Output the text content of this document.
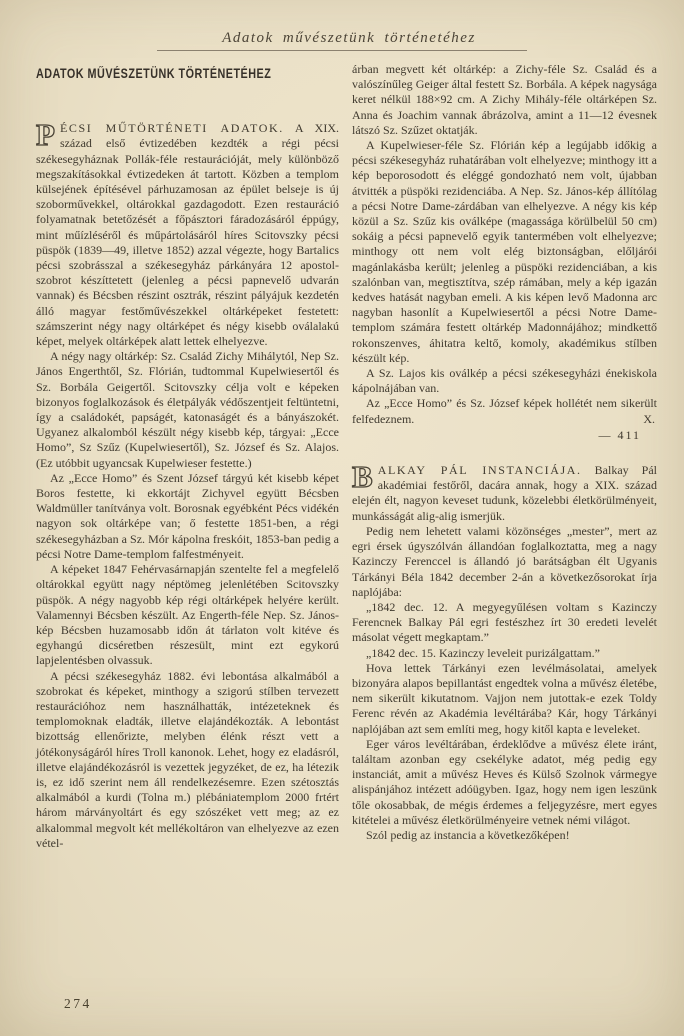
Adatok művészetünk történetéhez
ADATOK MŰVÉSZETÜNK TÖRTÉNETÉHEZ

PÉCSI MŰTÖRTÉNETI ADATOK. A XIX. század első évtizedében kezdték a régi pécsi székesegyháznak Pollák-féle restaurációját, mely különböző megszakításokkal évtizedeken át tartott. Közben a templom külsejének építésével párhuzamosan az épület belseje is új szoborművekkel, oltárokkal gazdagodott. Ezen restauráció folyamatnak betetőzését a főpásztori fáradozásáról éppúgy, mint műízléséről és műpártolásáról híres Scitovszky pécsi püspök (1839—49, illetve 1852) azzal végezte, hogy Bartalics pécsi szobrásszal a székesegyház párkányára 12 apostol-szobrot készíttetett (jelenleg a pécsi papnevelő udvarán vannak) és Bécsben részint osztrák, részint pályájuk kezdetén álló magyar festőművészekkel oltárképeket festetett: számszerint négy nagy oltárképet és négy kisebb oválalakú képet, melyek oltárképek alatt lettek elhelyezve.

A négy nagy oltárkép: Sz. Család Zichy Mihálytól, Nep Sz. János Engerthtől, Sz. Flórián, tudtommal Kupelwiesertől és Sz. Borbála Geigertől. Scitovszky célja volt e képeken bizonyos foglalkozások és életpályák védőszentjeit feltüntetni, így a családokét, papságét, katonaságét és a bányászokét. Ugyanez alkalomból készült négy kisebb kép, tárgyai: „Ecce Homo”, Sz Szűz (Kupelwiesertől), Sz. József és Sz. Alajos. (Ez utóbbit ugyancsak Kupelwieser festette.)

Az „Ecce Homo” és Szent József tárgyú két kisebb képet Boros festette, ki ekkortájt Zichyvel együtt Bécsben Waldmüller tanítványa volt. Borosnak egyébként Pécs vidékén nagyon sok oltárképe van; ő festette 1851-ben, a régi székesegyházban a Sz. Mór kápolna freskóit, 1853-ban pedig a pécsi Notre Dame-templom falfestményeit.

A képeket 1847 Fehérvasárnapján szentelte fel a megfelelő oltárokkal együtt nagy néptömeg jelenlétében Scitovszky püspök. A négy nagyobb kép régi oltárképek helyére került. Valamennyi Bécsben készült. Az Engerth-féle Nep. Sz. János-kép Bécsben huzamosabb időn át tárlaton volt kitéve és egyhangú dicséretben részesült, mint ezt egykorú lapjelentésben olvassuk.

A pécsi székesegyház 1882. évi lebontása alkalmából a szobrokat és képeket, minthogy a szigorú stílben tervezett restaurációhoz nem használhatták, intézeteknek és templomoknak eladták, illetve elajándékozták. A lebontást bizottság ellenőrizte, melyben élénk részt vett a jótékonyságáról híres Troll kanonok. Lehet, hogy ez eladásról, illetve elajándékozásról is vezettek jegyzéket, de ez, ha létezik is, ez idő szerint nem áll rendelkezésemre. Ezen szétosztás alkalmából a kurdi (Tolna m.) plébániatemplom 2000 frtért három márványoltárt és egy szószéket vett meg; az ez alkalommal megvolt két mellékoltáron van elhelyezve az ezen vétel-

árban megvett két oltárkép: a Zichy-féle Sz. Család és a valószínűleg Geiger által festett Sz. Borbála. A képek nagysága keret nélkül 188×92 cm. A Zichy Mihály-féle oltárképen Sz. Anna és Joachim vannak ábrázolva, amint a 11—12 évesnek látszó Sz. Szűzet oktatják.

A Kupelwieser-féle Sz. Flórián kép a legújabb időkig a pécsi székesegyház ruhatárában volt elhelyezve; minthogy itt a kép beporosodott és eléggé gondozható nem volt, újabban átvitték a püspöki rezidenciába. A Nep. Sz. János-kép állítólag a pécsi Notre Dame-zárdában van elhelyezve. A négy kis kép közül a Sz. Szűz kis oválképe (magassága körülbelül 50 cm) sokáig a pécsi papnevelő egyik tantermében volt elhelyezve; minthogy ott nem volt elég biztonságban, előljárói magánlakásba került; jelenleg a püspöki rezidenciában, a kis szalónban van, megtisztítva, szép rámában, mely a kép igazán kedves hatását nagyban emeli. A kis képen levő Madonna arc nagyban hasonlít a Kupelwiesertől a pécsi Notre Dame-templom számára festett oltárkép Madonnájához; mindkettő rokonszenves, áhitatra keltő, komoly, akadémikus stílben készült kép.

A Sz. Lajos kis oválkép a pécsi székesegyházi énekiskola kápolnájában van.

Az „Ecce Homo” és Sz. József képek hollétét nem sikerült felfedeznem.	X.

— 411

BALKAY PÁL INSTANCIÁJA. Balkay Pál akadémiai festőről, dacára annak, hogy a XIX. század elején élt, nagyon keveset tudunk, közelebbi életkörülményeit, munkásságát alig-alig ismerjük.

Pedig nem lehetett valami közönséges „mester”, mert az egri érsek úgyszólván állandóan foglalkoztatta, meg a nagy Kazinczy Ferenccel is állandó jó barátságban élt Ugyanis Tárkányi Béla 1842 december 2-án a következősorokat írja naplójába:

„1842 dec. 12. A megyegyűlésen voltam s Kazinczy Ferencnek Balkay Pál egri festészhez írt 30 eredeti levelét másolat végett megkaptam.”

„1842 dec. 15. Kazinczy leveleit purizálgattam.”

Hova lettek Tárkányi ezen levélmásolatai, amelyek bizonyára alapos bepillantást engedtek volna a művész életébe, nem sikerült kikutatnom. Vajjon nem jutottak-e ezek Toldy Ferenc révén az Akadémia levéltárába? Kár, hogy Tárkányi naplójában azt sem említi meg, hogy kitől kapta e leveleket.

Eger város levéltárában, érdeklődve a művész élete iránt, találtam azonban egy csekélyke adatot, még pedig egy instanciát, amit a művész Heves és Külső Szolnok vármegye alispánjához intézett adóügyben. Igaz, hogy nem igen leszünk tőle okosabbak, de mégis érdemes a feljegyzésre, mert egyes kitételei a művész életkörülményeire vetnek némi világot.

Szól pedig az instancia a következőképen!

274
